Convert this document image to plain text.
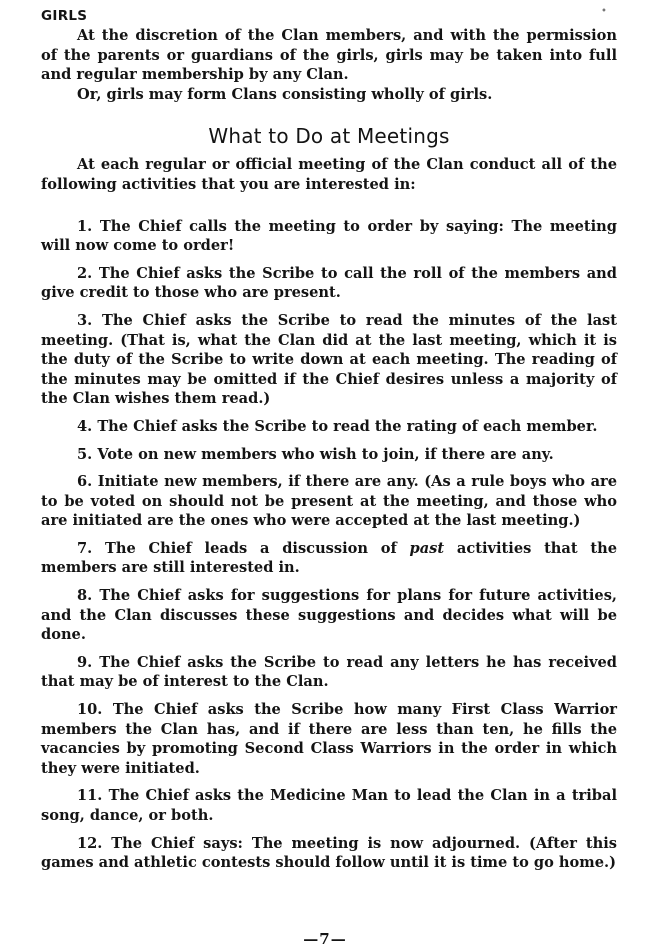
•
GIRLS

At the discretion of the Clan members, and with the permission of the parents or guardians of the girls, girls may be taken into full and regular membership by any Clan.

Or, girls may form Clans consisting wholly of girls.

What to Do at Meetings

At each regular or official meeting of the Clan conduct all of the following activities that you are interested in:

1. The Chief calls the meeting to order by saying: The meeting will now come to order!

2. The Chief asks the Scribe to call the roll of the members and give credit to those who are present.

3. The Chief asks the Scribe to read the minutes of the last meeting. (That is, what the Clan did at the last meeting, which it is the duty of the Scribe to write down at each meeting. The reading of the minutes may be omitted if the Chief desires unless a majority of the Clan wishes them read.)

4. The Chief asks the Scribe to read the rating of each member.

5. Vote on new members who wish to join, if there are any.

6. Initiate new members, if there are any. (As a rule boys who are to be voted on should not be present at the meeting, and those who are initiated are the ones who were accepted at the last meeting.)

7. The Chief leads a discussion of past activities that the members are still interested in.

8. The Chief asks for suggestions for plans for future activities, and the Clan discusses these suggestions and decides what will be done.

9. The Chief asks the Scribe to read any letters he has received that may be of interest to the Clan.

10. The Chief asks the Scribe how many First Class Warrior members the Clan has, and if there are less than ten, he fills the vacancies by promoting Second Class Warriors in the order in which they were initiated.

11. The Chief asks the Medicine Man to lead the Clan in a tribal song, dance, or both.

12. The Chief says: The meeting is now adjourned. (After this games and athletic contests should follow until it is time to go home.)

—7—
